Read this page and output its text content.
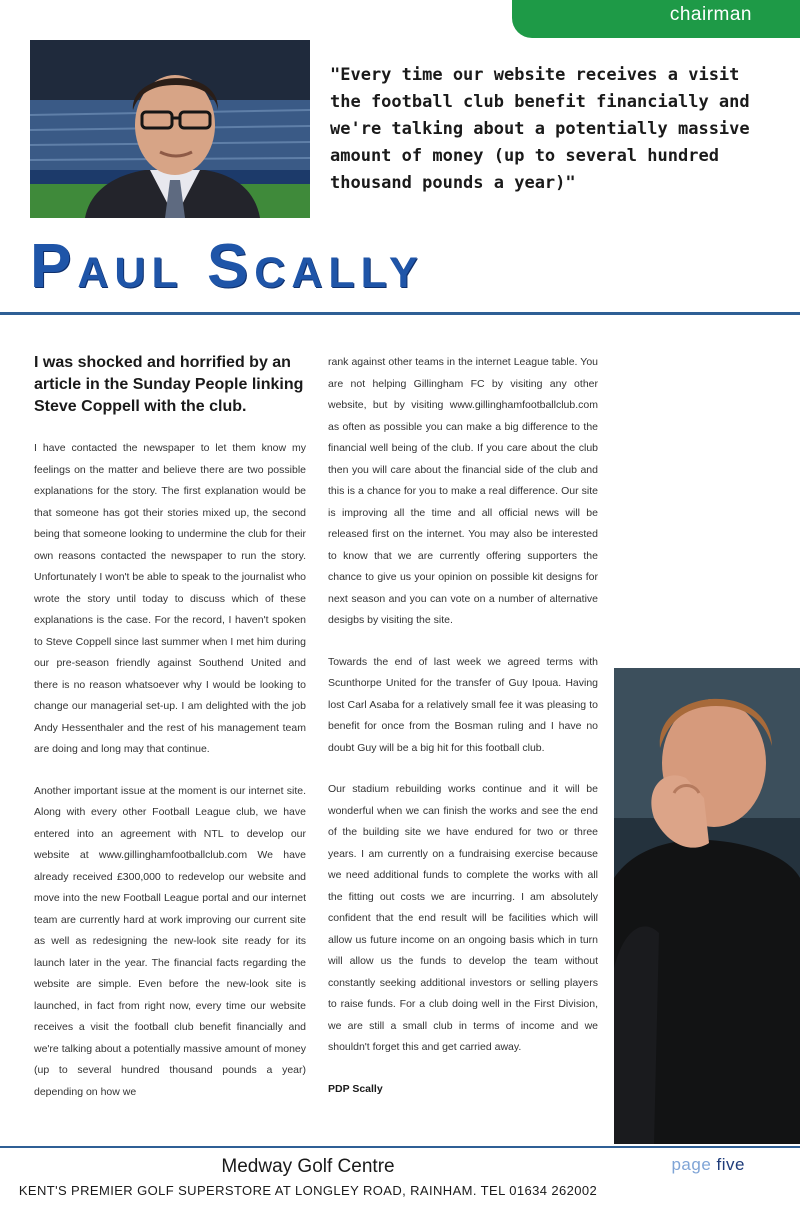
chairman
"Every time our website receives a visit the football club benefit financially and we're talking about a potentially massive amount of money (up to several hundred thousand pounds a year)"
Paul Scally

I was shocked and horrified by an article in the Sunday People linking Steve Coppell with the club.

I have contacted the newspaper to let them know my feelings on the matter and believe there are two possible explanations for the story. The first explanation would be that someone has got their stories mixed up, the second being that someone looking to undermine the club for their own reasons contacted the newspaper to run the story. Unfortunately I won't be able to speak to the journalist who wrote the story until today to discuss which of these explanations is the case. For the record, I haven't spoken to Steve Coppell since last summer when I met him during our pre-season friendly against Southend United and there is no reason whatsoever why I would be looking to change our managerial set-up. I am delighted with the job Andy Hessenthaler and the rest of his management team are doing and long may that continue.

Another important issue at the moment is our internet site. Along with every other Football League club, we have entered into an agreement with NTL to develop our website at www.gillinghamfootballclub.com We have already received £300,000 to redevelop our website and move into the new Football League portal and our internet team are currently hard at work improving our current site as well as redesigning the new-look site ready for its launch later in the year. The financial facts regarding the website are simple. Even before the new-look site is launched, in fact from right now, every time our website receives a visit the football club benefit financially and we're talking about a potentially massive amount of money (up to several hundred thousand pounds a year) depending on how we

rank against other teams in the internet League table. You are not helping Gillingham FC by visiting any other website, but by visiting www.gillinghamfootballclub.com as often as possible you can make a big difference to the financial well being of the club. If you care about the club then you will care about the financial side of the club and this is a chance for you to make a real difference. Our site is improving all the time and all official news will be released first on the internet. You may also be interested to know that we are currently offering supporters the chance to give us your opinion on possible kit designs for next season and you can vote on a number of alternative desigbs by visiting the site.

Towards the end of last week we agreed terms with Scunthorpe United for the transfer of Guy Ipoua. Having lost Carl Asaba for a relatively small fee it was pleasing to benefit for once from the Bosman ruling and I have no doubt Guy will be a big hit for this football club.

Our stadium rebuilding works continue and it will be wonderful when we can finish the works and see the end of the building site we have endured for two or three years. I am currently on a fundraising exercise because we need additional funds to complete the works with all the fitting out costs we are incurring. I am absolutely confident that the end result will be facilities which will allow us future income on an ongoing basis which in turn will allow us the funds to develop the team without constantly seeking additional investors or selling players to raise funds. For a club doing well in the First Division, we are still a small club in terms of income and we shouldn't forget this and get carried away.

PDP Scally

Medway Golf Centre
KENT'S PREMIER GOLF SUPERSTORE AT LONGLEY ROAD, RAINHAM. TEL 01634 262002
page five
